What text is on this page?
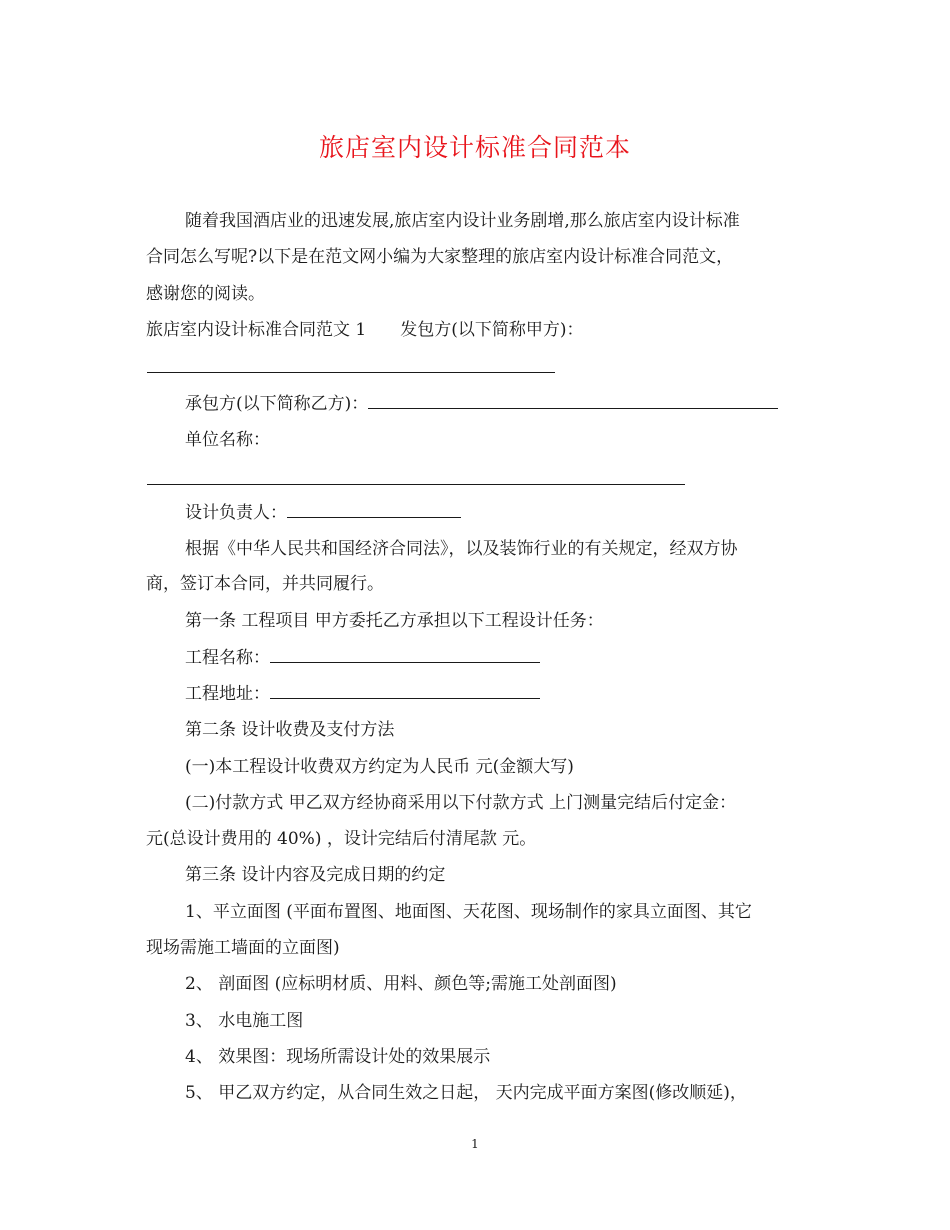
旅店室内设计标准合同范本
随着我国酒店业的迅速发展,旅店室内设计业务剧增,那么旅店室内设计标准
合同怎么写呢?以下是在范文网小编为大家整理的旅店室内设计标准合同范文，
感谢您的阅读。
旅店室内设计标准合同范文 1 发包方(以下简称甲方)：
承包方(以下简称乙方)：
单位名称：
设计负责人：
根据《中华人民共和国经济合同法》，以及装饰行业的有关规定，经双方协
商，签订本合同，并共同履行。
第一条 工程项目 甲方委托乙方承担以下工程设计任务：
工程名称：
工程地址：
第二条 设计收费及支付方法
(一)本工程设计收费双方约定为人民币 元(金额大写)
(二)付款方式 甲乙双方经协商采用以下付款方式 上门测量完结后付定金：
元(总设计费用的 40%) ，设计完结后付清尾款 元。
第三条 设计内容及完成日期的约定
1、平立面图 (平面布置图、地面图、天花图、现场制作的家具立面图、其它
现场需施工墙面的立面图)
2、 剖面图 (应标明材质、用料、颜色等;需施工处剖面图)
3、 水电施工图
4、 效果图：现场所需设计处的效果展示
5、 甲乙双方约定，从合同生效之日起， 天内完成平面方案图(修改顺延)，
1
